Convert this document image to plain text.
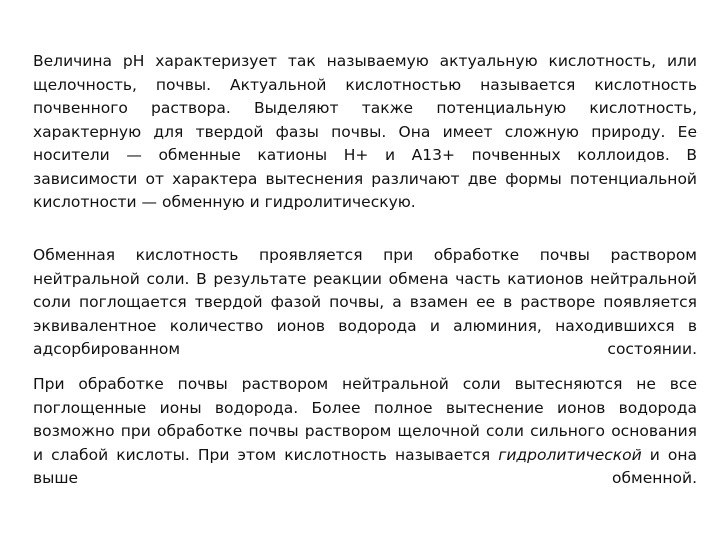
Величина рН характеризует так называемую актуальную кислотность, или щелочность, почвы. Актуальной кислотностью называется кислотность почвенного раствора. Выделяют также потенциальную кислотность, характерную для твердой фазы почвы. Она имеет сложную природу. Ее носители — обменные катионы Н+ и А13+ почвенных коллоидов. В зависимости от характера вытеснения различают две формы потенциальной кислотности — обменную и гидролитическую.

Обменная кислотность проявляется при обработке почвы раствором нейтральной соли. В результате реакции обмена часть катионов нейтральной соли поглощается твердой фазой почвы, а взамен ее в растворе появляется эквивалентное количество ионов водорода и алюминия, находившихся в адсорбированном состоянии.

При обработке почвы раствором нейтральной соли вытесняются не все поглощенные ионы водорода. Более полное вытеснение ионов водорода возможно при обработке почвы раствором щелочной соли сильного основания и слабой кислоты. При этом кислотность называется гидролитической и она выше обменной.
